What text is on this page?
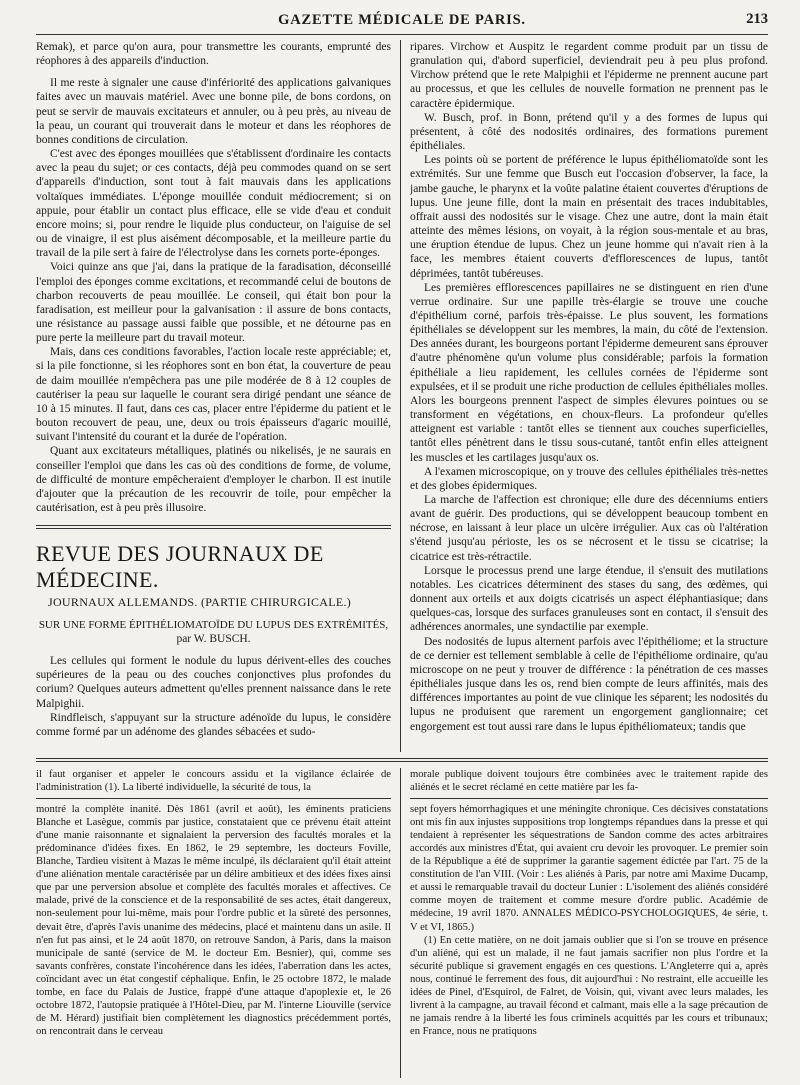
GAZETTE MÉDICALE DE PARIS.	213

Remak), et parce qu'on aura, pour transmettre les courants, emprunté des réophores à des appareils d'induction.

Il me reste à signaler une cause d'infériorité des applications galvaniques faites avec un mauvais matériel. Avec une bonne pile, de bons cordons, on peut se servir de mauvais excitateurs et annuler, ou à peu près, au niveau de la peau, un courant qui trouverait dans le moteur et dans les réophores de bonnes conditions de circulation.

C'est avec des éponges mouillées que s'établissent d'ordinaire les contacts avec la peau du sujet; or ces contacts, déjà peu commodes quand on se sert d'appareils d'induction, sont tout à fait mauvais dans les applications voltaïques immédiates. L'éponge mouillée conduit médiocrement; si on appuie, pour établir un contact plus efficace, elle se vide d'eau et conduit encore moins; si, pour rendre le liquide plus conducteur, on l'aiguise de sel ou de vinaigre, il est plus aisément décomposable, et la meilleure partie du travail de la pile sert à faire de l'électrolyse dans les cornets porte-éponges.

Voici quinze ans que j'ai, dans la pratique de la faradisation, déconseillé l'emploi des éponges comme excitations, et recommandé celui de boutons de charbon recouverts de peau mouillée. Le conseil, qui était bon pour la faradisation, est meilleur pour la galvanisation : il assure de bons contacts, une résistance au passage aussi faible que possible, et ne détourne pas en pure perte la meilleure part du travail moteur.

Mais, dans ces conditions favorables, l'action locale reste appréciable; et, si la pile fonctionne, si les réophores sont en bon état, la couverture de peau de daim mouillée n'empêchera pas une pile modérée de 8 à 12 couples de cautériser la peau sur laquelle le courant sera dirigé pendant une séance de 10 à 15 minutes. Il faut, dans ces cas, placer entre l'épiderme du patient et le bouton recouvert de peau, une, deux ou trois épaisseurs d'agaric mouillé, suivant l'intensité du courant et la durée de l'opération.

Quant aux excitateurs métalliques, platinés ou nikelisés, je ne saurais en conseiller l'emploi que dans les cas où des conditions de forme, de volume, de difficulté de monture empêcheraient d'employer le charbon. Il est inutile d'ajouter que la précaution de les recouvrir de toile, pour empêcher la cautérisation, est à peu près illusoire.

REVUE DES JOURNAUX DE MÉDECINE.
JOURNAUX ALLEMANDS. (PARTIE CHIRURGICALE.)
SUR UNE FORME ÉPITHÉLIOMATOÏDE DU LUPUS DES EXTRÉMITÉS,
par W. BUSCH.

Les cellules qui forment le nodule du lupus dérivent-elles des couches supérieures de la peau ou des couches conjonctives plus profondes du corium? Quelques auteurs admettent qu'elles prennent naissance dans le rete Malpighii.

Rindfleisch, s'appuyant sur la structure adénoïde du lupus, le considère comme formé par un adénome des glandes sébacées et sudo-

ripares. Virchow et Auspitz le regardent comme produit par un tissu de granulation qui, d'abord superficiel, deviendrait peu à peu plus profond. Virchow prétend que le rete Malpighii et l'épiderme ne prennent aucune part au processus, et que les cellules de nouvelle formation ne prennent pas le caractère épidermique.

W. Busch, prof. in Bonn, prétend qu'il y a des formes de lupus qui présentent, à côté des nodosités ordinaires, des formations purement épithéliales.

Les points où se portent de préférence le lupus épithéliomatoïde sont les extrémités. Sur une femme que Busch eut l'occasion d'observer, la face, la jambe gauche, le pharynx et la voûte palatine étaient couvertes d'éruptions de lupus. Une jeune fille, dont la main en présentait des traces indubitables, offrait aussi des nodosités sur le visage. Chez une autre, dont la main était atteinte des mêmes lésions, on voyait, à la région sous-mentale et au bras, une éruption étendue de lupus. Chez un jeune homme qui n'avait rien à la face, les membres étaient couverts d'efflorescences de lupus, tantôt déprimées, tantôt tubéreuses.

Les premières efflorescences papillaires ne se distinguent en rien d'une verrue ordinaire. Sur une papille très-élargie se trouve une couche d'épithélium corné, parfois très-épaisse. Le plus souvent, les formations épithéliales se développent sur les membres, la main, du côté de l'extension. Des années durant, les bourgeons portant l'épiderme demeurent sans éprouver d'autre phénomène qu'un volume plus considérable; parfois la formation épithéliale a lieu rapidement, les cellules cornées de l'épiderme sont expulsées, et il se produit une riche production de cellules épithéliales molles. Alors les bourgeons prennent l'aspect de simples élevures pointues ou se transforment en végétations, en choux-fleurs. La profondeur qu'elles atteignent est variable : tantôt elles se tiennent aux couches superficielles, tantôt elles pénètrent dans le tissu sous-cutané, tantôt enfin elles atteignent les muscles et les cartilages jusqu'aux os.

A l'examen microscopique, on y trouve des cellules épithéliales très-nettes et des globes épidermiques.

La marche de l'affection est chronique; elle dure des décenniums entiers avant de guérir. Des productions, qui se développent beaucoup tombent en nécrose, en laissant à leur place un ulcère irrégulier. Aux cas où l'altération s'étend jusqu'au périoste, les os se nécrosent et le tissu se cicatrise; la cicatrice est très-rétractile.

Lorsque le processus prend une large étendue, il s'ensuit des mutilations notables. Les cicatrices déterminent des stases du sang, des œdèmes, qui donnent aux orteils et aux doigts cicatrisés un aspect éléphantiasique; dans quelques-cas, lorsque des surfaces granuleuses sont en contact, il s'ensuit des adhérences anormales, une syndactilie par exemple.

Des nodosités de lupus alternent parfois avec l'épithéliome; et la structure de ce dernier est tellement semblable à celle de l'épithéliome ordinaire, qu'au microscope on ne peut y trouver de différence : la pénétration de ces masses épithéliales jusque dans les os, rend bien compte de leurs affinités, mais des différences importantes au point de vue clinique les séparent; les nodosités du lupus ne produisent que rarement un engorgement ganglionnaire; cet engorgement est tout aussi rare dans le lupus épithéliomateux; tandis que

il faut organiser et appeler le concours assidu et la vigilance éclairée de l'administration (1). La liberté individuelle, la sécurité de tous, la

montré la complète inanité. Dès 1861 (avril et août), les éminents praticiens Blanche et Lasègue, commis par justice, constataient que ce prévenu était atteint d'une manie raisonnante et signalaient la perversion des facultés morales et la prédominance d'idées fixes. En 1862, le 29 septembre, les docteurs Foville, Blanche, Tardieu visitent à Mazas le même inculpé, ils déclaraient qu'il était atteint d'une aliénation mentale caractérisée par un délire ambitieux et des idées fixes ainsi que par une perversion absolue et complète des facultés morales et affectives. Ce malade, privé de la conscience et de la responsabilité de ses actes, était dangereux, non-seulement pour lui-même, mais pour l'ordre public et la sûreté des personnes, devait être, d'après l'avis unanime des médecins, placé et maintenu dans un asile. Il n'en fut pas ainsi, et le 24 août 1870, on retrouve Sandon, à Paris, dans la maison municipale de santé (service de M. le docteur Em. Besnier), qui, comme ses savants confrères, constate l'incohérence dans les idées, l'aberration dans les actes, coïncidant avec un état congestif céphalique. Enfin, le 25 octobre 1872, le malade tombe, en face du Palais de Justice, frappé d'une attaque d'apoplexie et, le 26 octobre 1872, l'autopsie pratiquée à l'Hôtel-Dieu, par M. l'interne Liouville (service de M. Hérard) justifiait bien complètement les diagnostics précédemment portés, on rencontrait dans le cerveau

morale publique doivent toujours être combinées avec le traitement rapide des aliénés et le secret réclamé en cette matière par les fa-

sept foyers hémorrhagiques et une méningite chronique. Ces décisives constatations ont mis fin aux injustes suppositions trop longtemps répandues dans la presse et qui tendaient à représenter les séquestrations de Sandon comme des actes arbitraires accordés aux ministres d'État, qui avaient cru devoir les provoquer. Le premier soin de la République a été de supprimer la garantie sagement édictée par l'art. 75 de la constitution de l'an VIII. (Voir : Les aliénés à Paris, par notre ami Maxime Ducamp, et aussi le remarquable travail du docteur Lunier : L'isolement des aliénés considéré comme moyen de traitement et comme mesure d'ordre public. Académie de médecine, 19 avril 1870. ANNALES MÉDICO-PSYCHOLOGIQUES, 4e série, t. V et VI, 1865.)

(1) En cette matière, on ne doit jamais oublier que si l'on se trouve en présence d'un aliéné, qui est un malade, il ne faut jamais sacrifier non plus l'ordre et la sécurité publique si gravement engagés en ces questions. L'Angleterre qui a, après nous, continué le ferrement des fous, dit aujourd'hui : No restraint, elle accueille les idées de Pinel, d'Esquirol, de Falret, de Voisin, qui, vivant avec leurs malades, les livrent à la campagne, au travail fécond et calmant, mais elle a la sage précaution de ne jamais rendre à la liberté les fous criminels acquittés par les cours et tribunaux; en France, nous ne pratiquons
